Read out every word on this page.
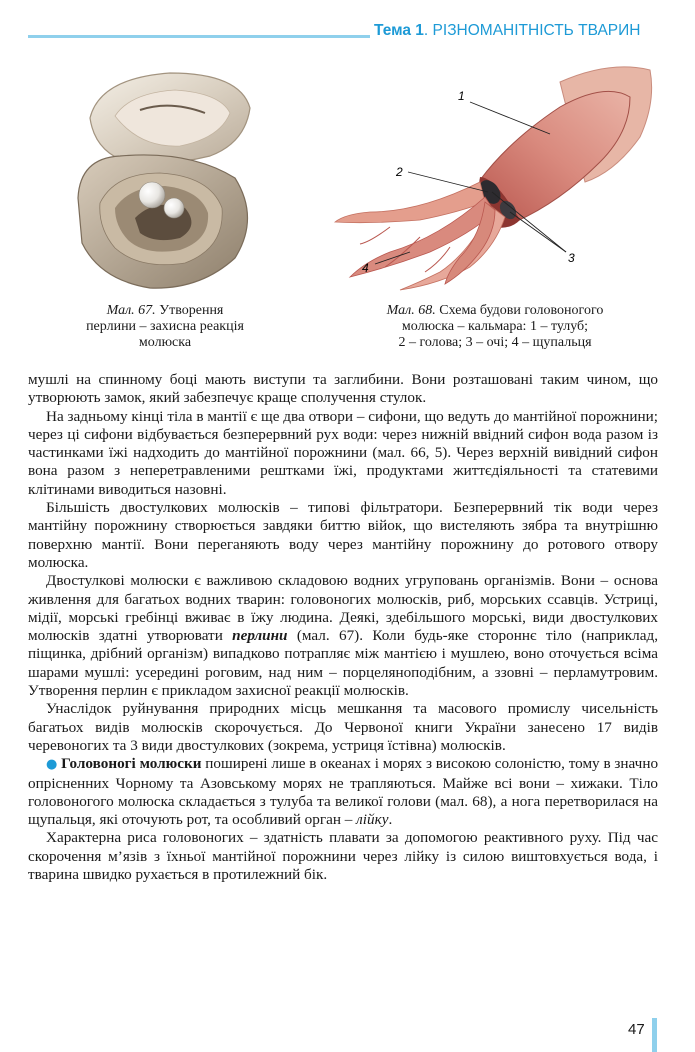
Тема 1. РІЗНОМАНІТНІСТЬ ТВАРИН
1
2
3
4
Мал. 67. Утворення
перлини – захисна реакція
молюска
Мал. 68. Схема будови головоногого
молюска – кальмара: 1 – тулуб;
2 – голова; 3 – очі; 4 – щупальця

мушлі на спинному боці мають виступи та заглибини. Вони розташовані таким чином, що утворюють замок, який забезпечує краще сполучення стулок.

На задньому кінці тіла в мантії є ще два отвори – сифони, що ведуть до мантійної порожнини; через ці сифони відбувається безперервний рух води: через нижній ввідний сифон вода разом із частинками їжі надходить до мантійної порожнини (мал. 66, 5). Через верхній вивідний сифон вона разом з неперетравленими рештками їжі, продуктами життєдіяльності та статевими клітинами виводиться назовні.

Більшість двостулкових молюсків – типові фільтратори. Безперервний тік води через мантійну порожнину створюється завдяки биттю війок, що вистеляють зябра та внутрішню поверхню мантії. Вони переганяють воду через мантійну порожнину до ротового отвору молюска.

Двостулкові молюски є важливою складовою водних угруповань організмів. Вони – основа живлення для багатьох водних тварин: головоногих молюсків, риб, морських ссавців. Устриці, мідії, морські гребінці вживає в їжу людина. Деякі, здебільшого морські, види двостулкових молюсків здатні утворювати перлини (мал. 67). Коли будь-яке стороннє тіло (наприклад, піщинка, дрібний організм) випадково потрапляє між мантією і мушлею, воно оточується всіма шарами мушлі: усередині роговим, над ним – порцеляноподібним, а ззовні – перламутровим. Утворення перлин є прикладом захисної реакції молюсків.

Унаслідок руйнування природних місць мешкання та масового промислу чисельність багатьох видів молюсків скорочується. До Червоної книги України занесено 17 видів черевоногих та 3 види двостулкових (зокрема, устриця їстівна) молюсків.

● Головоногі молюски поширені лише в океанах і морях з високою солоністю, тому в значно опрісненних Чорному та Азовському морях не трапляються. Майже всі вони – хижаки. Тіло головоногого молюска складається з тулуба та великої голови (мал. 68), а нога перетворилася на щупальця, які оточують рот, та особливий орган – лійку.

Характерна риса головоногих – здатність плавати за допомогою реактивного руху. Під час скорочення м’язів з їхньої мантійної порожнини через лійку із силою виштовхується вода, і тварина швидко рухається в протилежний бік.

47
